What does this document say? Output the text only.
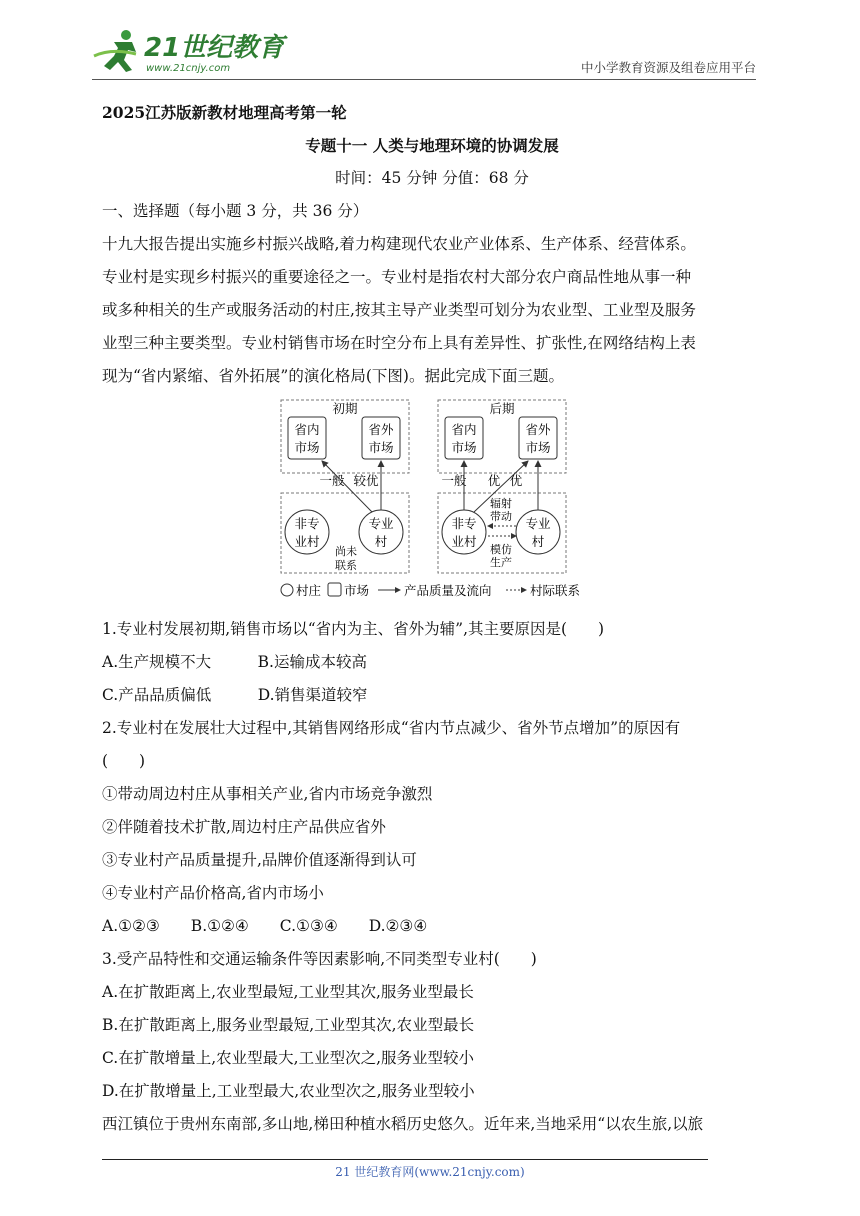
21世纪教育
www.21cnjy.com	中小学教育资源及组卷应用平台
2025江苏版新教材地理高考第一轮
专题十一 人类与地理环境的协调发展
时间：45 分钟 分值：68 分
一、选择题（每小题 3 分，共 36 分）
十九大报告提出实施乡村振兴战略,着力构建现代农业产业体系、生产体系、经营体系。
专业村是实现乡村振兴的重要途径之一。专业村是指农村大部分农户商品性地从事一种
或多种相关的生产或服务活动的村庄,按其主导产业类型可划分为农业型、工业型及服务
业型三种主要类型。专业村销售市场在时空分布上具有差异性、扩张性,在网络结构上表
现为“省内紧缩、省外拓展”的演化格局(下图)。据此完成下面三题。
初期
省内
市场
省外
市场
一般 较优
非专
业村
专业
村
尚未
联系
后期
省内
市场
省外
市场
一般 优 优
非专
业村
专业
村
辐射
带动
模仿
生产
村庄 市场	产品质量及流向	村际联系
1.专业村发展初期,销售市场以“省内为主、省外为辅”,其主要原因是(　　)
A.生产规模不大　　　B.运输成本较高
C.产品品质偏低　　　D.销售渠道较窄
2.专业村在发展壮大过程中,其销售网络形成“省内节点减少、省外节点增加”的原因有
(　　)
①带动周边村庄从事相关产业,省内市场竞争激烈
②伴随着技术扩散,周边村庄产品供应省外
③专业村产品质量提升,品牌价值逐渐得到认可
④专业村产品价格高,省内市场小
A.①②③　　B.①②④　　C.①③④　　D.②③④
3.受产品特性和交通运输条件等因素影响,不同类型专业村(　　)
A.在扩散距离上,农业型最短,工业型其次,服务业型最长
B.在扩散距离上,服务业型最短,工业型其次,农业型最长
C.在扩散增量上,农业型最大,工业型次之,服务业型较小
D.在扩散增量上,工业型最大,农业型次之,服务业型较小
西江镇位于贵州东南部,多山地,梯田种植水稻历史悠久。近年来,当地采用“以农生旅,以旅
21 世纪教育网(www.21cnjy.com)
